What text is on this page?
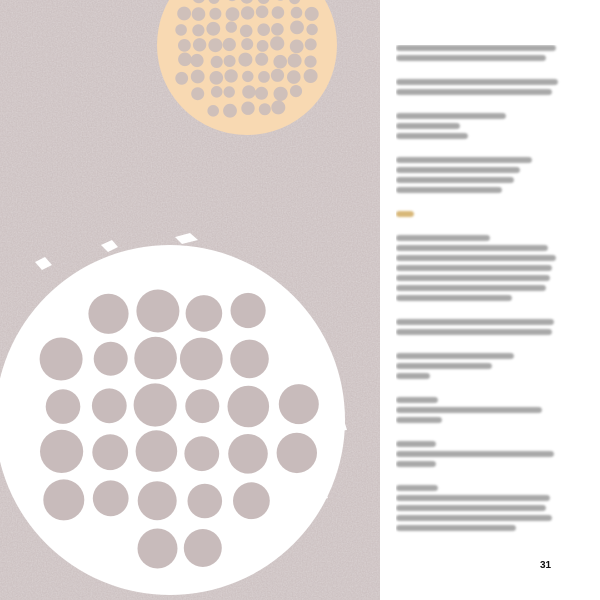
31
